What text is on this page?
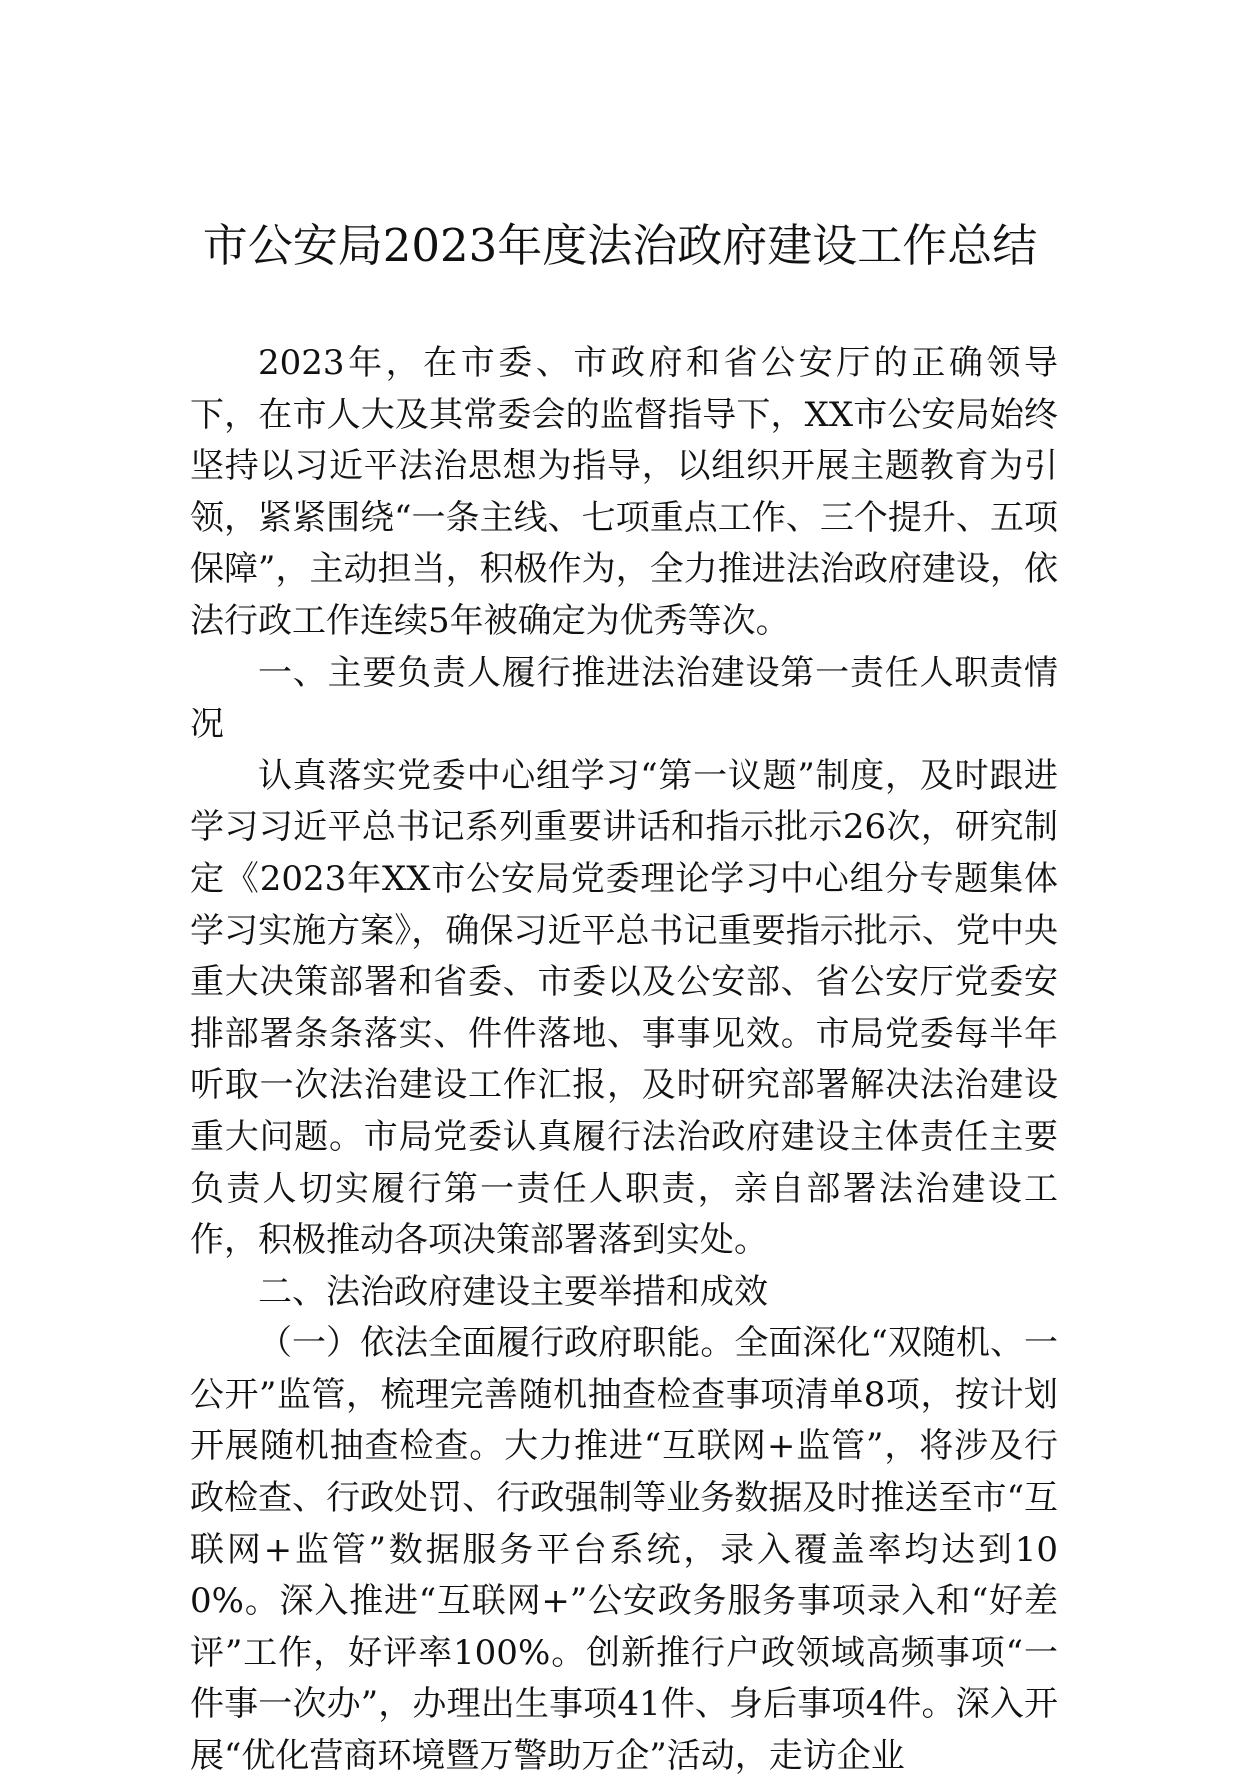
市公安局2023年度法治政府建设工作总结

2023年，在市委、市政府和省公安厅的正确领导下，在市人大及其常委会的监督指导下，XX市公安局始终坚持以习近平法治思想为指导，以组织开展主题教育为引领，紧紧围绕“一条主线、七项重点工作、三个提升、五项保障”，主动担当，积极作为，全力推进法治政府建设，依法行政工作连续5年被确定为优秀等次。

一、主要负责人履行推进法治建设第一责任人职责情况

认真落实党委中心组学习“第一议题”制度，及时跟进学习习近平总书记系列重要讲话和指示批示26次，研究制定《2023年XX市公安局党委理论学习中心组分专题集体学习实施方案》，确保习近平总书记重要指示批示、党中央重大决策部署和省委、市委以及公安部、省公安厅党委安排部署条条落实、件件落地、事事见效。市局党委每半年听取一次法治建设工作汇报，及时研究部署解决法治建设重大问题。市局党委认真履行法治政府建设主体责任主要负责人切实履行第一责任人职责，亲自部署法治建设工作，积极推动各项决策部署落到实处。

二、法治政府建设主要举措和成效

（一）依法全面履行政府职能。全面深化“双随机、一公开”监管，梳理完善随机抽查检查事项清单8项，按计划开展随机抽查检查。大力推进“互联网+监管”，将涉及行政检查、行政处罚、行政强制等业务数据及时推送至市“互联网+监管”数据服务平台系统，录入覆盖率均达到100%。深入推进“互联网+”公安政务服务事项录入和“好差评”工作，好评率100%。创新推行户政领域高频事项“一件事一次办”，办理出生事项41件、身后事项4件。深入开展“优化营商环境暨万警助万企”活动，走访企业
